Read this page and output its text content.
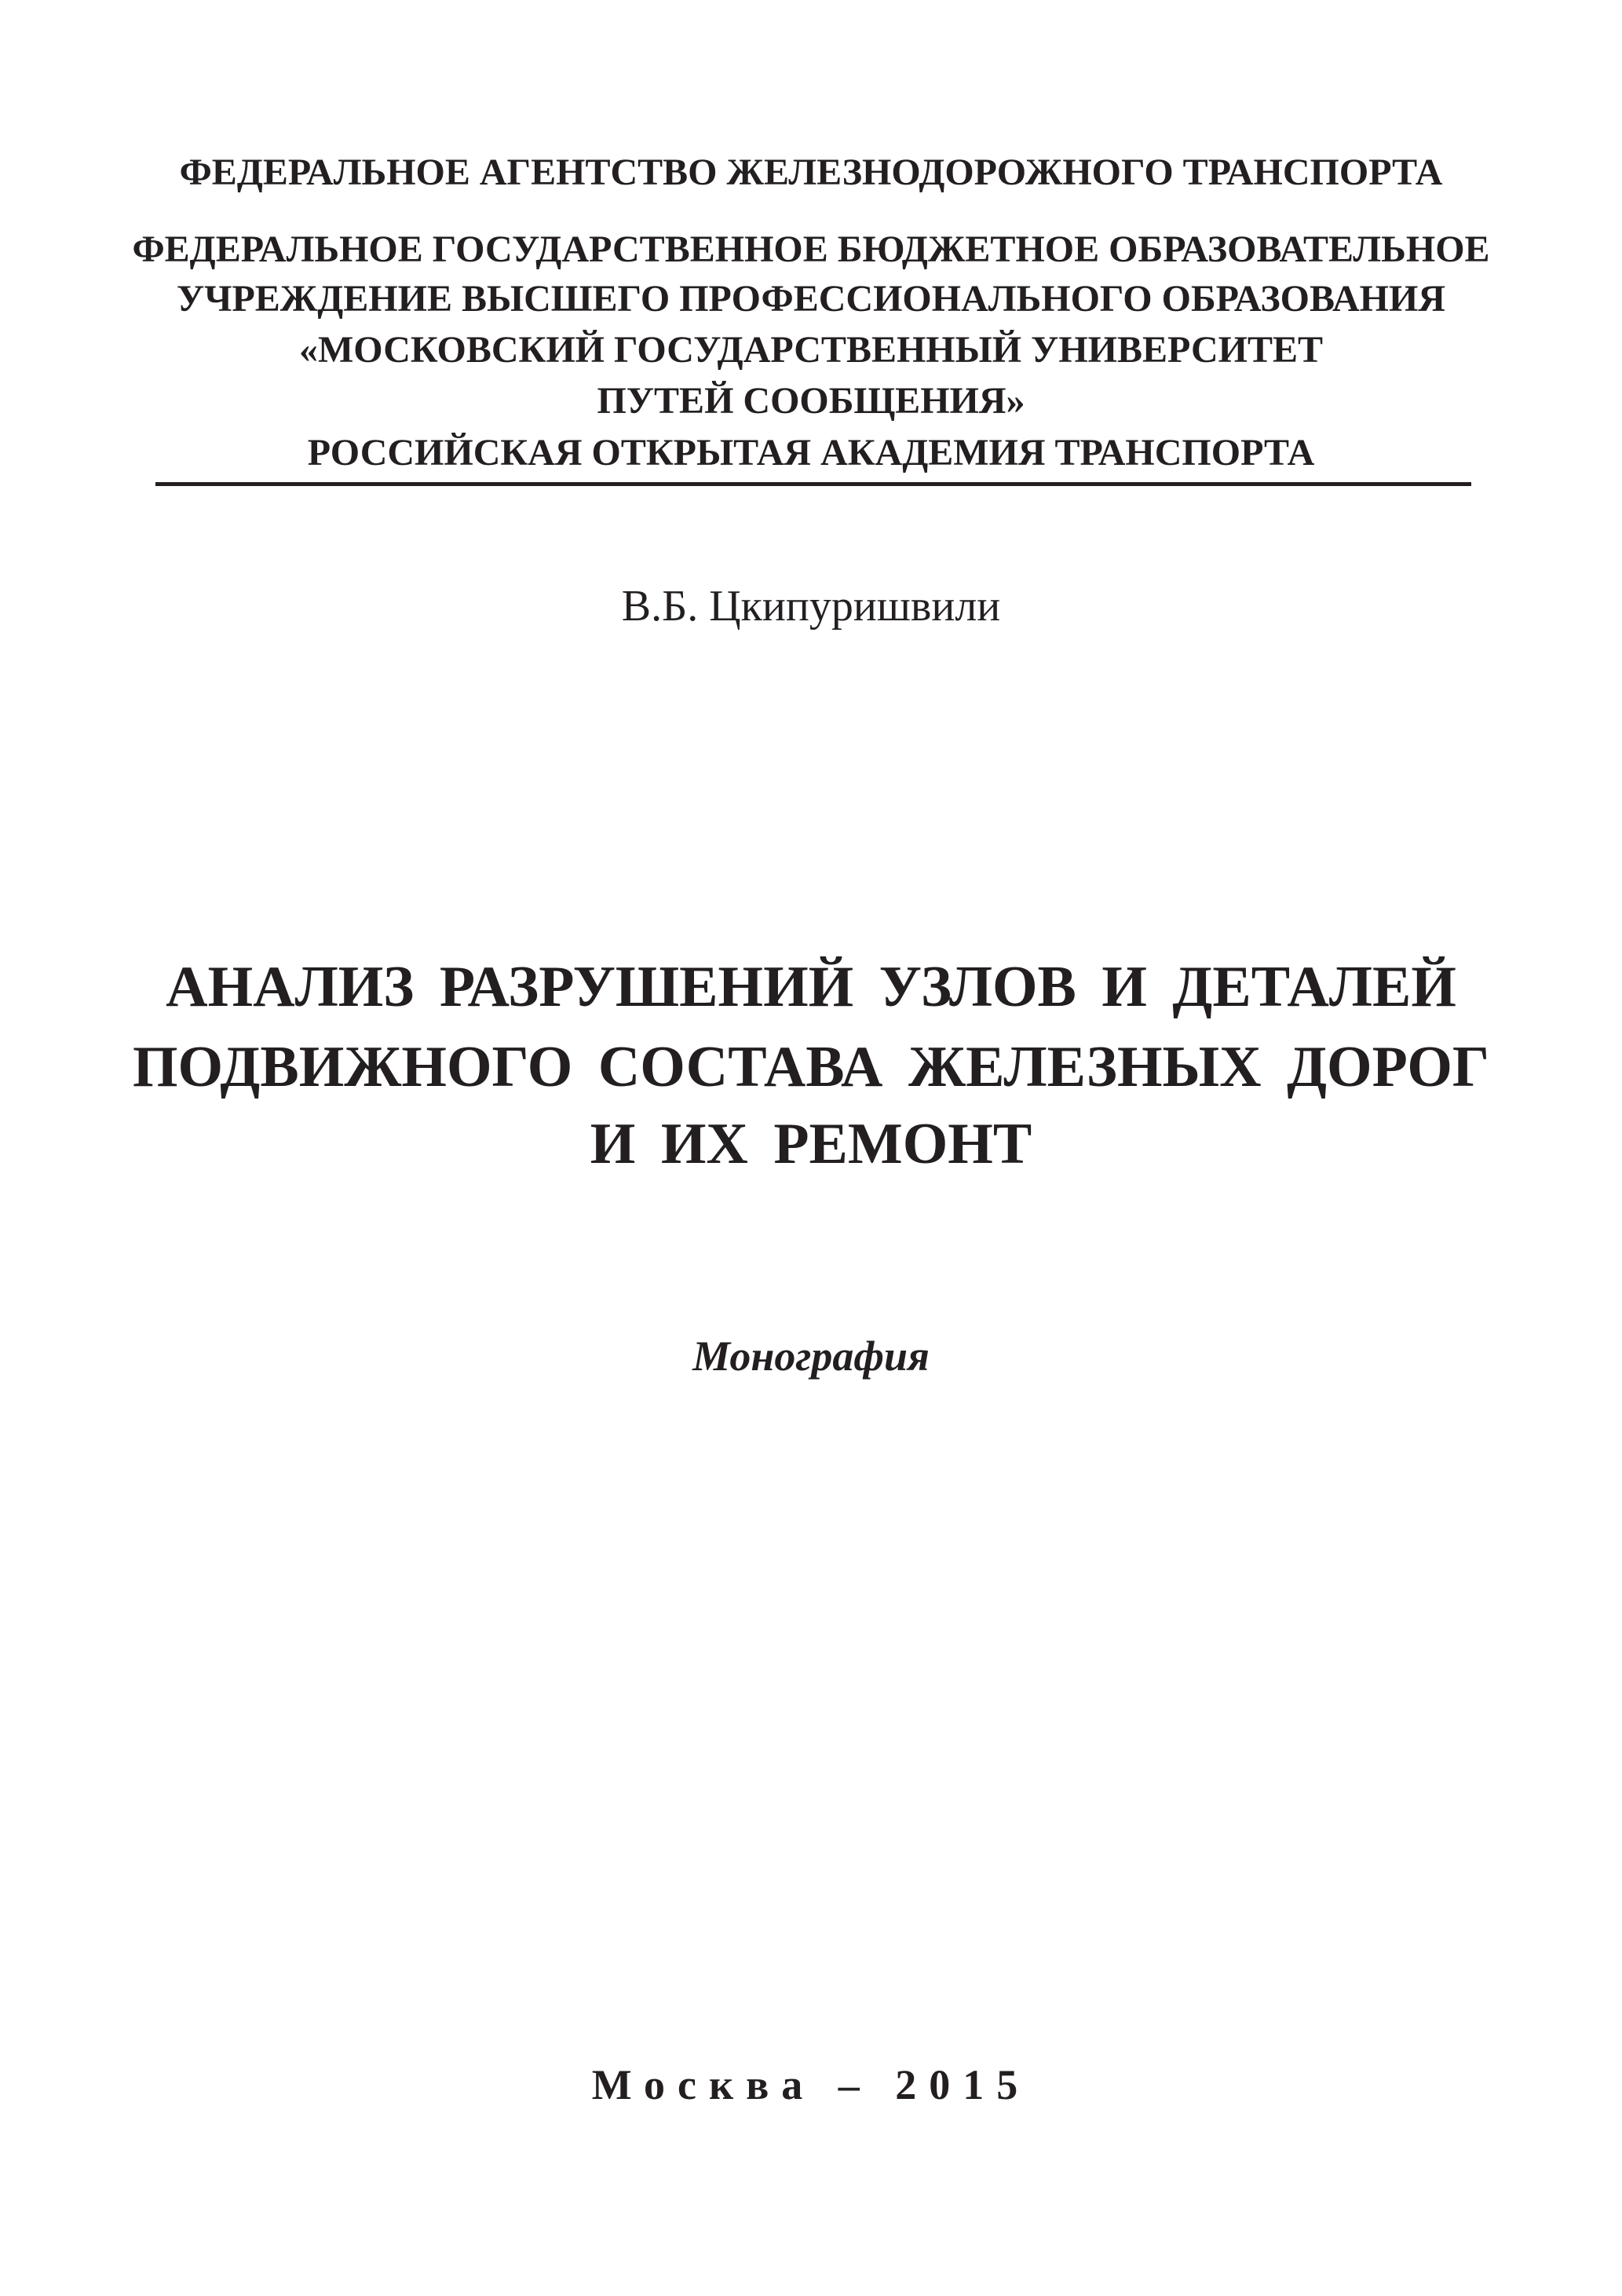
ФЕДЕРАЛЬНОЕ АГЕНТСТВО ЖЕЛЕЗНОДОРОЖНОГО ТРАНСПОРТА
ФЕДЕРАЛЬНОЕ ГОСУДАРСТВЕННОЕ БЮДЖЕТНОЕ ОБРАЗОВАТЕЛЬНОЕ
УЧРЕЖДЕНИЕ ВЫСШЕГО ПРОФЕССИОНАЛЬНОГО ОБРАЗОВАНИЯ
«МОСКОВСКИЙ ГОСУДАРСТВЕННЫЙ УНИВЕРСИТЕТ
ПУТЕЙ СООБЩЕНИЯ»
РОССИЙСКАЯ ОТКРЫТАЯ АКАДЕМИЯ ТРАНСПОРТА
В.Б. Цкипуришвили
АНАЛИЗ РАЗРУШЕНИЙ УЗЛОВ И ДЕТАЛЕЙ
ПОДВИЖНОГО СОСТАВА ЖЕЛЕЗНЫХ ДОРОГ
И ИХ РЕМОНТ
Монография
Москва – 2015
